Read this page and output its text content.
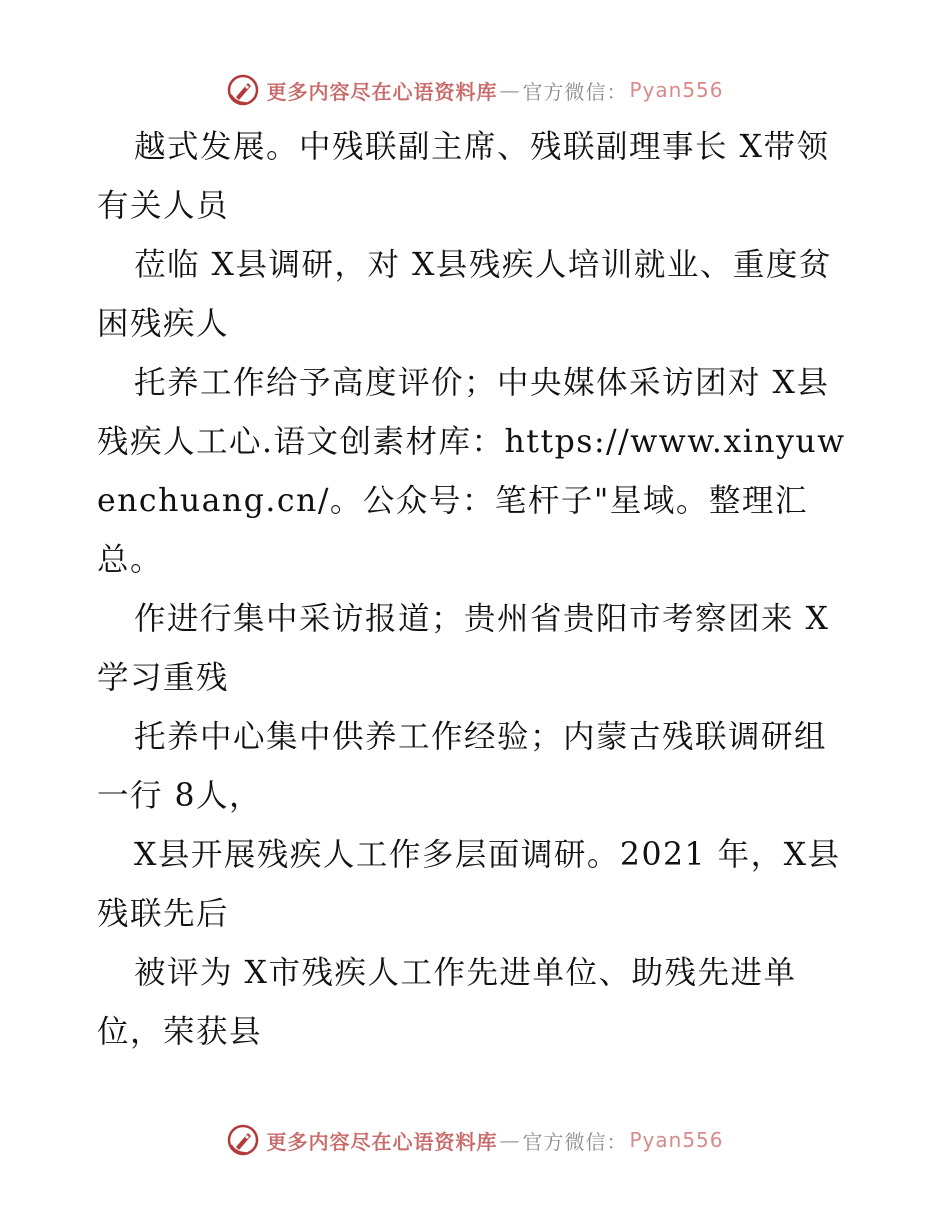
更多内容尽在心语资料库 — 官方微信： Pyan556

越式发展。中残联副主席、残联副理事长 X带领有关人员

莅临 X县调研，对 X县残疾人培训就业、重度贫困残疾人

托养工作给予高度评价；中央媒体采访团对 X县残疾人工心.语文创素材库：https://www.xinyuwenchuang.cn/。公众号：笔杆子"星域。整理汇总。

作进行集中采访报道；贵州省贵阳市考察团来 X学习重残

托养中心集中供养工作经验；内蒙古残联调研组一行 8人，

X县开展残疾人工作多层面调研。2021 年，X县残联先后

被评为 X市残疾人工作先进单位、助残先进单位，荣获县

更多内容尽在心语资料库 — 官方微信： Pyan556
